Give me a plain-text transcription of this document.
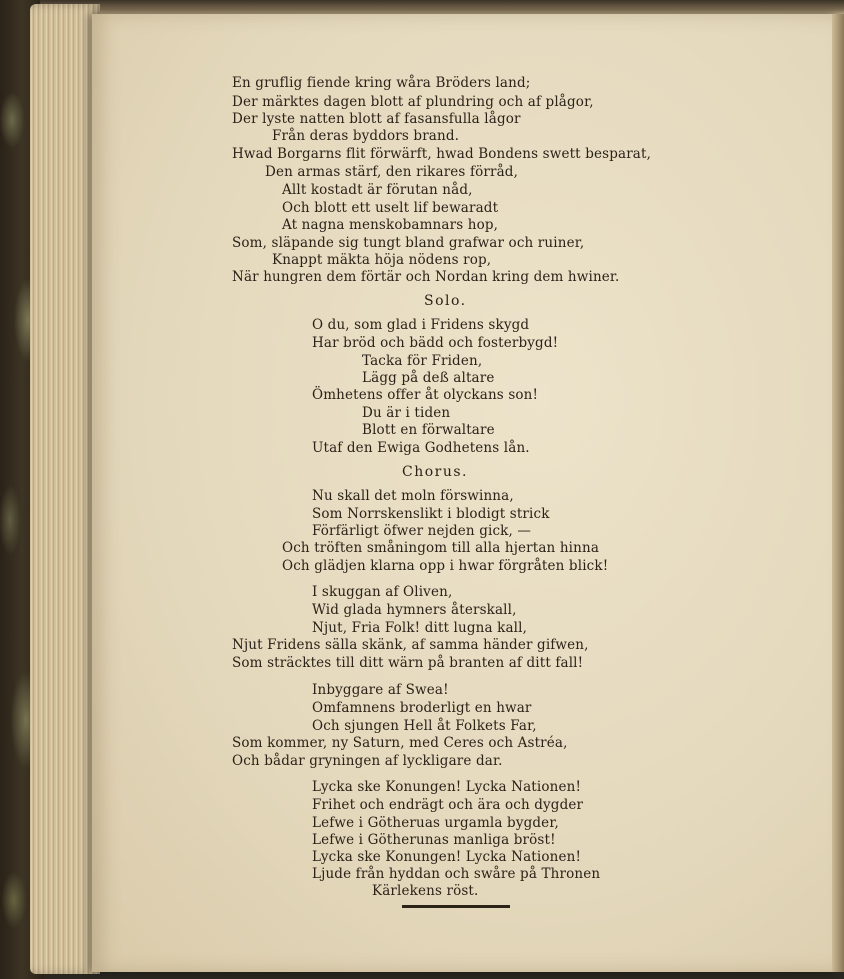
En gruflig fiende kring wåra Bröders land;
Der märktes dagen blott af plundring och af plågor,
Der lyste natten blott af fasansfulla lågor
Från deras byddors brand.
Hwad Borgarns flit förwärft, hwad Bondens swett besparat,
Den armas stärf, den rikares förråd,
Allt kostadt är förutan nåd,
Och blott ett uselt lif bewaradt
At nagna menskobamnars hop,
Som, släpande sig tungt bland grafwar och ruiner,
Knappt mäkta höja nödens rop,
När hungren dem förtär och Nordan kring dem hwiner.
Solo.
O du, som glad i Fridens skygd
Har bröd och bädd och fosterbygd!
Tacka för Friden,
Lägg på deß altare
Ömhetens offer åt olyckans son!
Du är i tiden
Blott en förwaltare
Utaf den Ewiga Godhetens lån.
Chorus.
Nu skall det moln förswinna,
Som Norrskenslikt i blodigt strick
Förfärligt öfwer nejden gick, —
Och tröften småningom till alla hjertan hinna
Och glädjen klarna opp i hwar förgråten blick!
I skuggan af Oliven,
Wid glada hymners återskall,
Njut, Fria Folk! ditt lugna kall,
Njut Fridens sälla skänk, af samma händer gifwen,
Som sträcktes till ditt wärn på branten af ditt fall!
Inbyggare af Swea!
Omfamnens broderligt en hwar
Och sjungen Hell åt Folkets Far,
Som kommer, ny Saturn, med Ceres och Astréa,
Och bådar gryningen af lyckligare dar.
Lycka ske Konungen! Lycka Nationen!
Frihet och endrägt och ära och dygder
Lefwe i Götheruas urgamla bygder,
Lefwe i Götherunas manliga bröst!
Lycka ske Konungen! Lycka Nationen!
Ljude från hyddan och swåre på Thronen
Kärlekens röst.
